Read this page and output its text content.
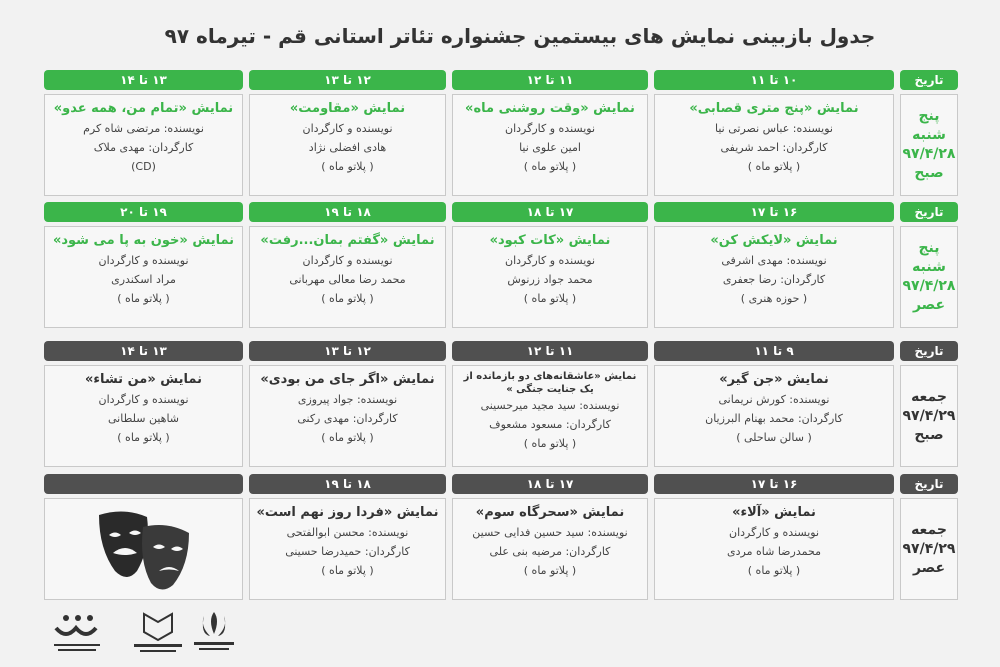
جدول بازبینی نمایش های بیستمین جشنواره تئاتر استانی قم - تیرماه ۹۷
تاریخ
پنج شنبه
۹۷/۴/۲۸
صبح
۱۰ تا ۱۱
نمایش «پنج متری قصابی»
نویسنده: عباس نصرتی نیا
کارگردان: احمد شریفی
( پلاتو ماه )
۱۱ تا ۱۲
نمایش «وقت روشنی ماه»
نویسنده و کارگردان
امین علوی نیا
( پلاتو ماه )
۱۲ تا ۱۳
نمایش «مقاومت»
نویسنده و کارگردان
هادی افضلی نژاد
( پلاتو ماه )
۱۳ تا ۱۴
نمایش «تمام من، همه عدو»
نویسنده: مرتضی شاه کرم
کارگردان: مهدی ملاک
(CD)
تاریخ
پنج شنبه
۹۷/۴/۲۸
عصر
۱۶ تا ۱۷
نمایش «لایکش کن»
نویسنده: مهدی اشرفی
کارگردان: رضا جعفری
( حوزه هنری )
۱۷ تا ۱۸
نمایش «کات کبود»
نویسنده و کارگردان
محمد جواد زرنوش
( پلاتو ماه )
۱۸ تا ۱۹
نمایش «گفتم بمان...رفت»
نویسنده و کارگردان
محمد رضا معالی مهربانی
( پلاتو ماه )
۱۹ تا ۲۰
نمایش «خون به پا می شود»
نویسنده و کارگردان
مراد اسکندری
( پلاتو ماه )
تاریخ
جمعه
۹۷/۴/۲۹
صبح
۹ تا ۱۱
نمایش «جن گیر»
نویسنده: کورش نریمانی
کارگردان: محمد بهنام البرزیان
( سالن ساحلی )
۱۱ تا ۱۲
نمایش «عاشقانه‌های دو بازمانده از یک جنایت جنگی »
نویسنده: سید مجید میرحسینی
کارگردان: مسعود مشعوف
( پلاتو ماه )
۱۲ تا ۱۳
نمایش «اگر جای من بودی»
نویسنده: جواد پیروزی
کارگردان: مهدی رکنی
( پلاتو ماه )
۱۳ تا ۱۴
نمایش «من تشاء»
نویسنده و کارگردان
شاهین سلطانی
( پلاتو ماه )
تاریخ
جمعه
۹۷/۴/۲۹
عصر
۱۶ تا ۱۷
نمایش «آلاء»
نویسنده و کارگردان
محمدرضا شاه مردی
( پلاتو ماه )
۱۷ تا ۱۸
نمایش «سحرگاه سوم»
نویسنده: سید حسین فدایی حسین
کارگردان: مرضیه بنی علی
( پلاتو ماه )
۱۸ تا ۱۹
نمایش «فردا روز نهم است»
نویسنده: محسن ابوالفتحی
کارگردان: حمیدرضا حسینی
( پلاتو ماه )
